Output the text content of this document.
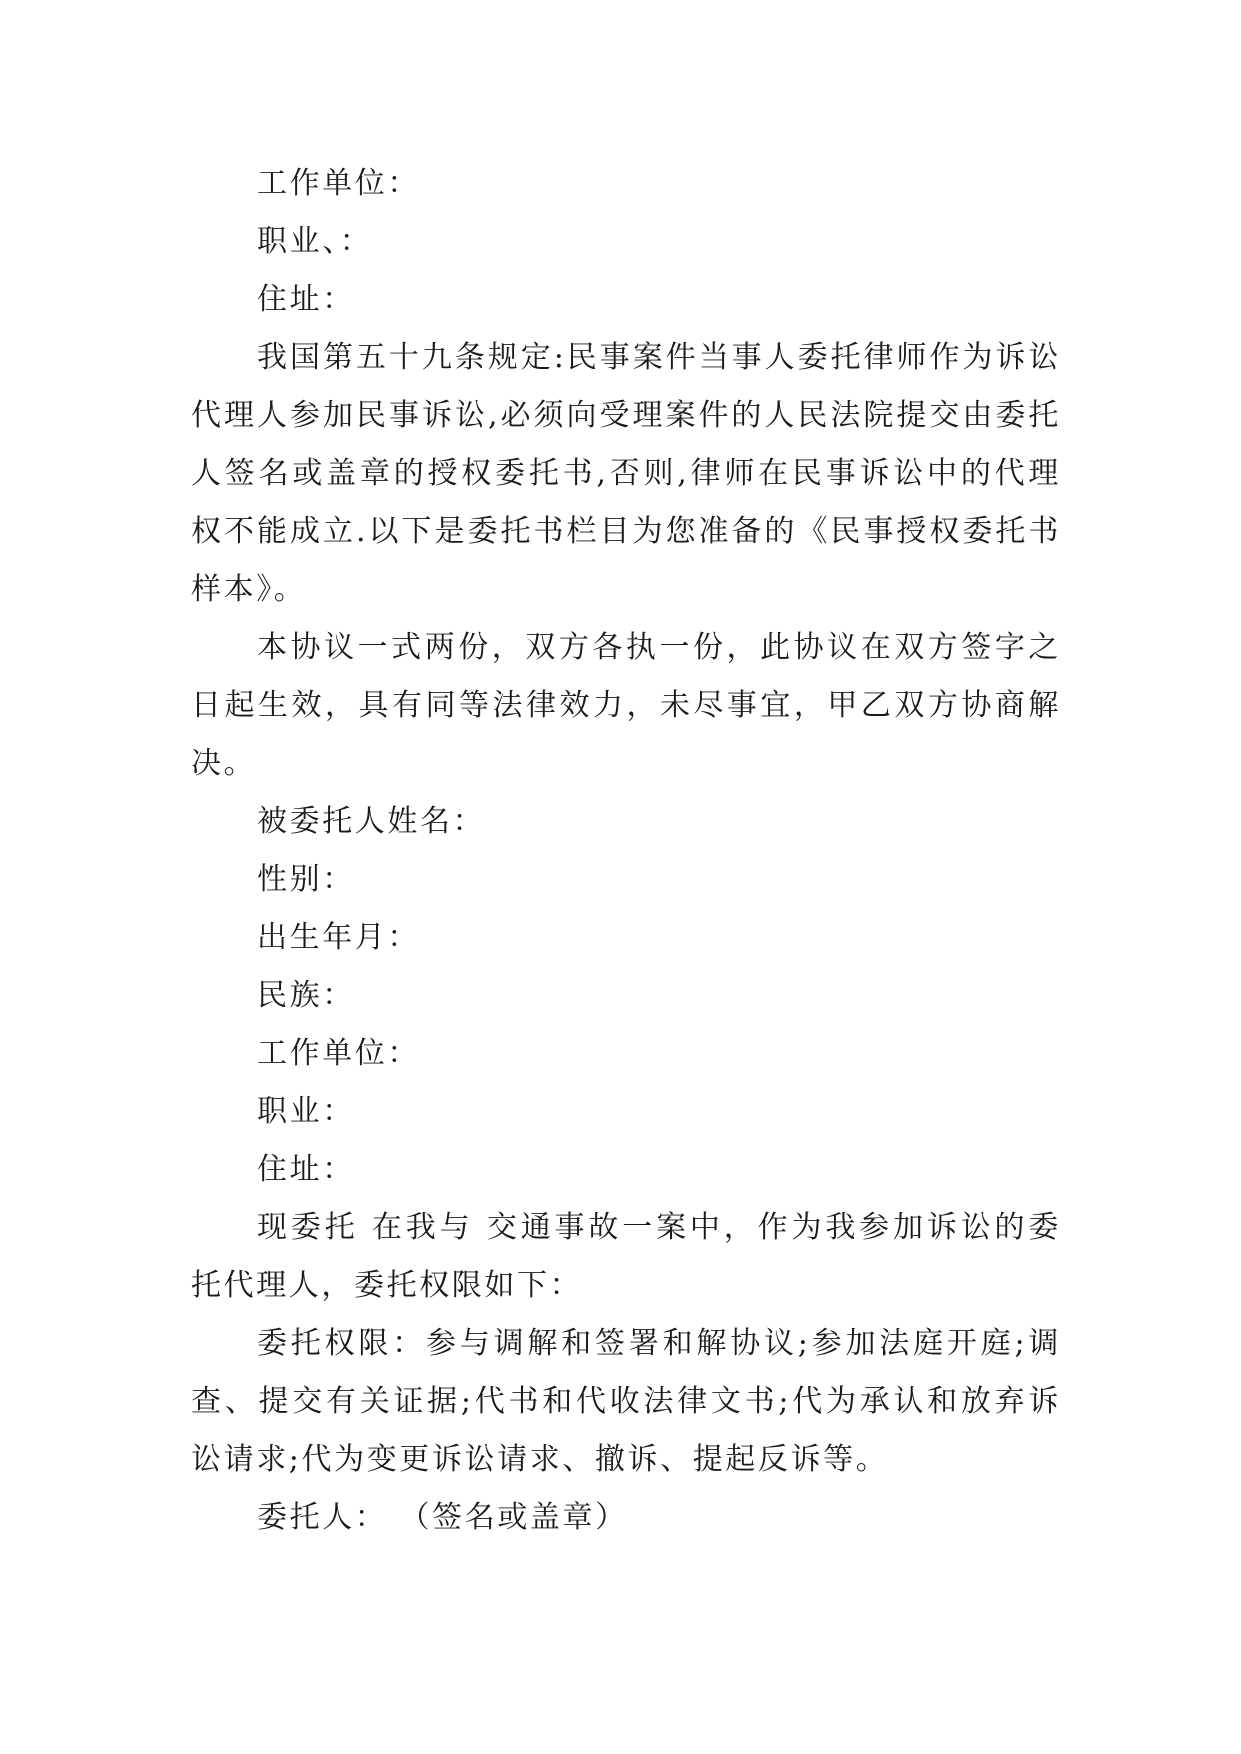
工作单位：

职业、：

住址：

我国第五十九条规定:民事案件当事人委托律师作为诉讼代理人参加民事诉讼,必须向受理案件的人民法院提交由委托人签名或盖章的授权委托书,否则,律师在民事诉讼中的代理权不能成立.以下是委托书栏目为您准备的《民事授权委托书样本》。

本协议一式两份，双方各执一份，此协议在双方签字之日起生效，具有同等法律效力，未尽事宜，甲乙双方协商解决。

被委托人姓名：

性别：

出生年月：

民族：

工作单位：

职业：

住址：

现委托 在我与 交通事故一案中，作为我参加诉讼的委托代理人，委托权限如下：

委托权限：参与调解和签署和解协议;参加法庭开庭;调查、提交有关证据;代书和代收法律文书;代为承认和放弃诉讼请求;代为变更诉讼请求、撤诉、提起反诉等。

委托人： （签名或盖章）
